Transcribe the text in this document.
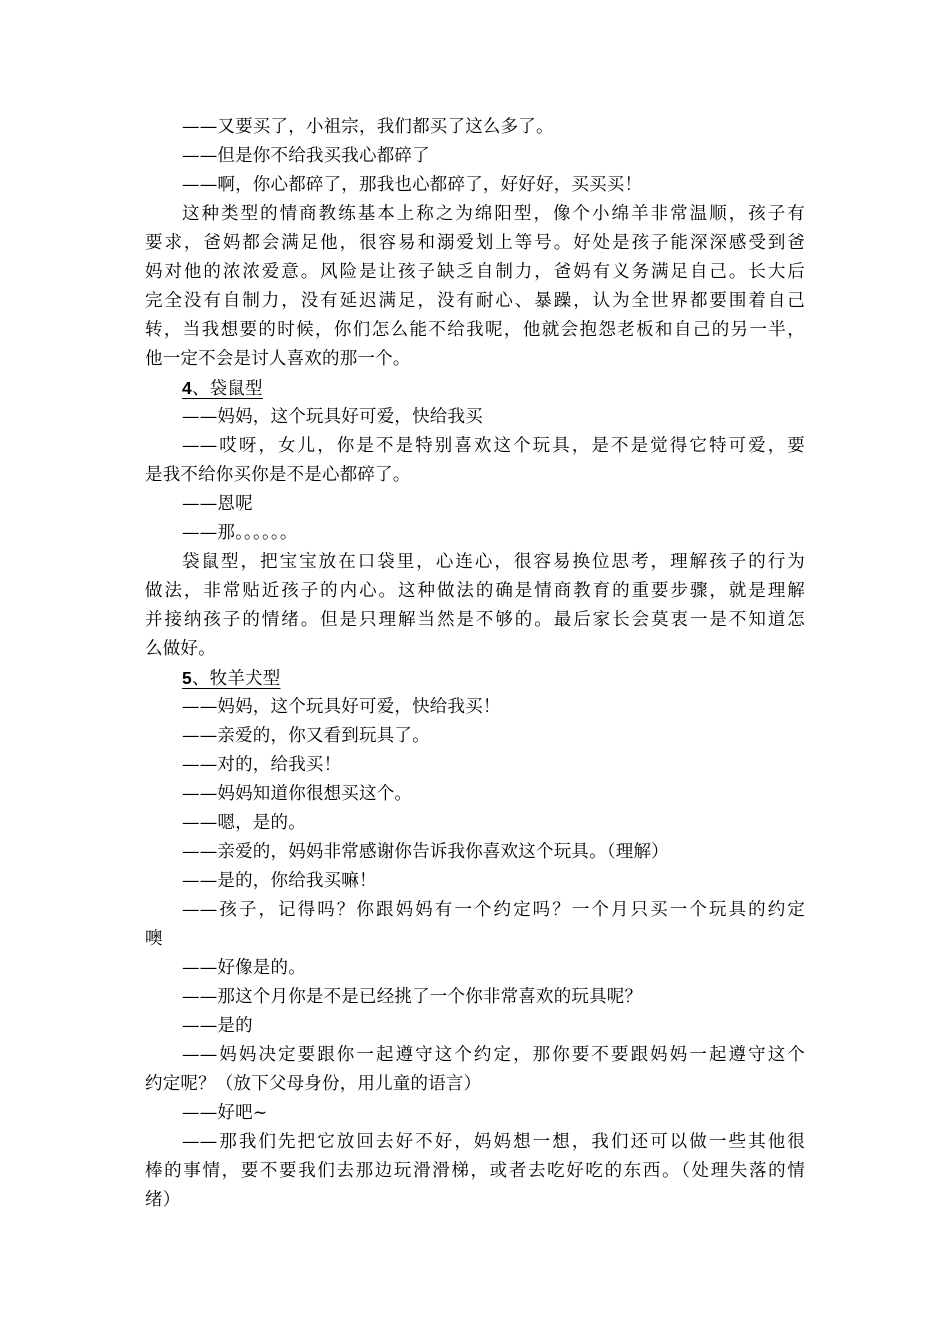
——又要买了，小祖宗，我们都买了这么多了。
——但是你不给我买我心都碎了
——啊，你心都碎了，那我也心都碎了，好好好，买买买！
这种类型的情商教练基本上称之为绵阳型，像个小绵羊非常温顺，孩子有
要求，爸妈都会满足他，很容易和溺爱划上等号。好处是孩子能深深感受到爸
妈对他的浓浓爱意。风险是让孩子缺乏自制力，爸妈有义务满足自己。长大后
完全没有自制力，没有延迟满足，没有耐心、暴躁，认为全世界都要围着自己
转，当我想要的时候，你们怎么能不给我呢，他就会抱怨老板和自己的另一半，
他一定不会是讨人喜欢的那一个。
4、袋鼠型
——妈妈，这个玩具好可爱，快给我买
——哎呀，女儿，你是不是特别喜欢这个玩具，是不是觉得它特可爱，要
是我不给你买你是不是心都碎了。
——恩呢
——那。。。。。。
袋鼠型，把宝宝放在口袋里，心连心，很容易换位思考，理解孩子的行为
做法，非常贴近孩子的内心。这种做法的确是情商教育的重要步骤，就是理解
并接纳孩子的情绪。但是只理解当然是不够的。最后家长会莫衷一是不知道怎
么做好。
5、牧羊犬型
——妈妈，这个玩具好可爱，快给我买！
——亲爱的，你又看到玩具了。
——对的，给我买！
——妈妈知道你很想买这个。
——嗯，是的。
——亲爱的，妈妈非常感谢你告诉我你喜欢这个玩具。（理解）
——是的，你给我买嘛！
——孩子，记得吗？你跟妈妈有一个约定吗？一个月只买一个玩具的约定
噢
——好像是的。
——那这个月你是不是已经挑了一个你非常喜欢的玩具呢？
——是的
——妈妈决定要跟你一起遵守这个约定，那你要不要跟妈妈一起遵守这个
约定呢？（放下父母身份，用儿童的语言）
——好吧~
——那我们先把它放回去好不好，妈妈想一想，我们还可以做一些其他很
棒的事情，要不要我们去那边玩滑滑梯，或者去吃好吃的东西。（处理失落的情
绪）
